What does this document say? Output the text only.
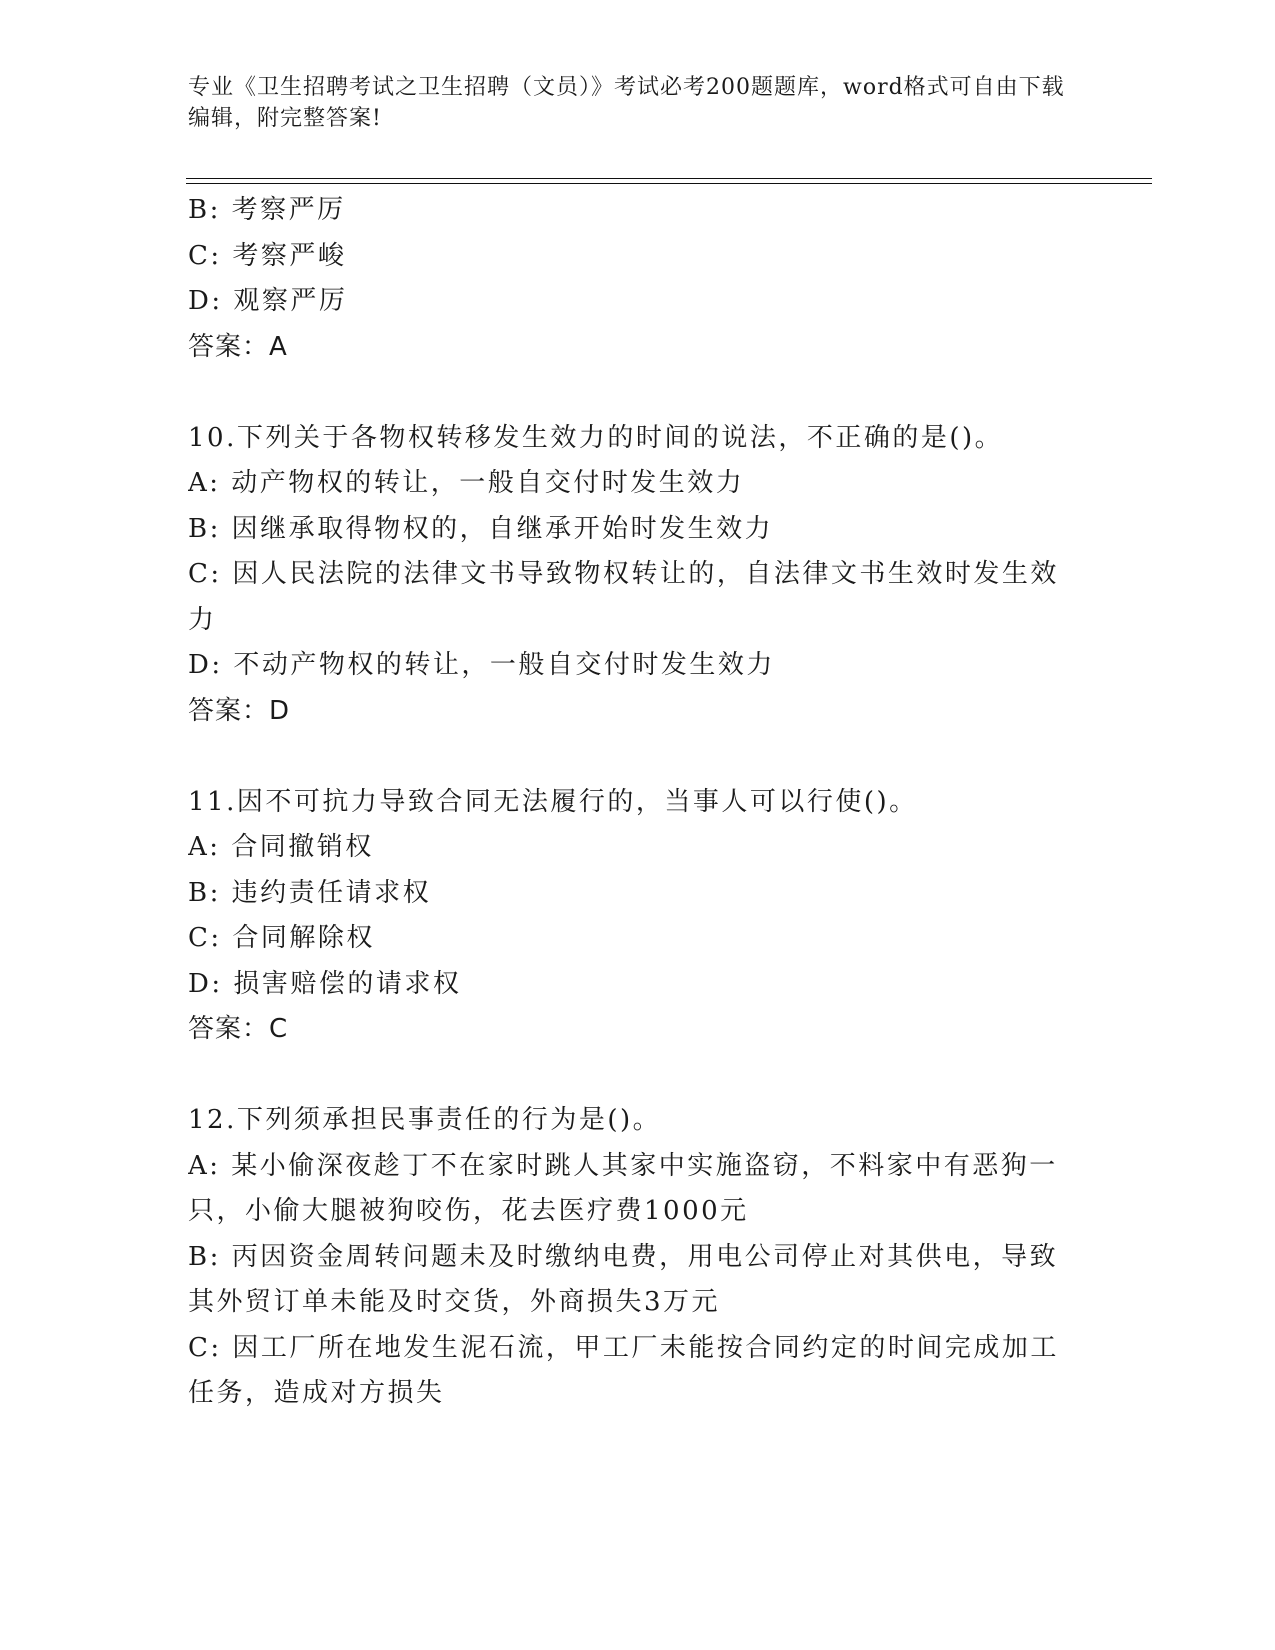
专业《卫生招聘考试之卫生招聘（文员）》考试必考200题题库，word格式可自由下载编辑，附完整答案!
B: 考察严厉
C: 考察严峻
D: 观察严厉
答案：A
10.下列关于各物权转移发生效力的时间的说法，不正确的是()。
A: 动产物权的转让，一般自交付时发生效力
B: 因继承取得物权的，自继承开始时发生效力
C: 因人民法院的法律文书导致物权转让的，自法律文书生效时发生效
力
D: 不动产物权的转让，一般自交付时发生效力
答案：D
11.因不可抗力导致合同无法履行的，当事人可以行使()。
A: 合同撤销权
B: 违约责任请求权
C: 合同解除权
D: 损害赔偿的请求权
答案：C
12.下列须承担民事责任的行为是()。
A: 某小偷深夜趁丁不在家时跳人其家中实施盗窃，不料家中有恶狗一
只，小偷大腿被狗咬伤，花去医疗费1000元
B: 丙因资金周转问题未及时缴纳电费，用电公司停止对其供电，导致
其外贸订单未能及时交货，外商损失3万元
C: 因工厂所在地发生泥石流，甲工厂未能按合同约定的时间完成加工
任务，造成对方损失
